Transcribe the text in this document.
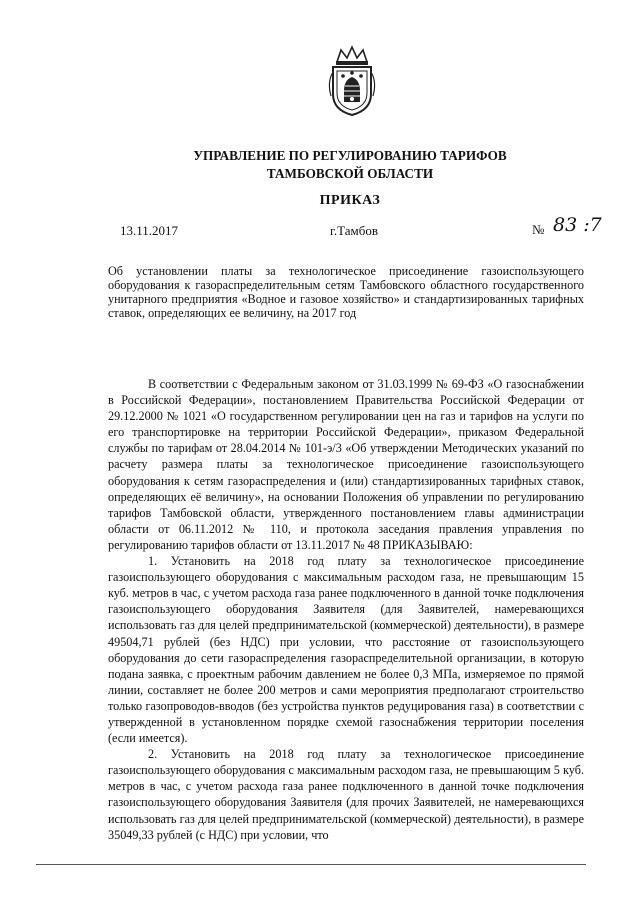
УПРАВЛЕНИЕ ПО РЕГУЛИРОВАНИЮ ТАРИФОВ
ТАМБОВСКОЙ ОБЛАСТИ
ПРИКАЗ
13.11.2017	г.Тамбов	№ 83 :7
Об установлении платы за технологическое присоединение газоиспользующего оборудования к газораспределительным сетям Тамбовского областного государственного унитарного предприятия «Водное и газовое хозяйство» и стандартизированных тарифных ставок, определяющих ее величину, на 2017 год

В соответствии с Федеральным законом от 31.03.1999 № 69-ФЗ «О газоснабжении в Российской Федерации», постановлением Правительства Российской Федерации от 29.12.2000 № 1021 «О государственном регулировании цен на газ и тарифов на услуги по его транспортировке на территории Российской Федерации», приказом Федеральной службы по тарифам от 28.04.2014 № 101-э/3 «Об утверждении Методических указаний по расчету размера платы за технологическое присоединение газоиспользующего оборудования к сетям газораспределения и (или) стандартизированных тарифных ставок, определяющих её величину», на основании Положения об управлении по регулированию тарифов Тамбовской области, утвержденного постановлением главы администрации области от 06.11.2012 № 110, и протокола заседания правления управления по регулированию тарифов области от 13.11.2017 № 48 ПРИКАЗЫВАЮ:

1. Установить на 2018 год плату за технологическое присоединение газоиспользующего оборудования с максимальным расходом газа, не превышающим 15 куб. метров в час, с учетом расхода газа ранее подключенного в данной точке подключения газоиспользующего оборудования Заявителя (для Заявителей, намеревающихся использовать газ для целей предпринимательской (коммерческой) деятельности), в размере 49504,71 рублей (без НДС) при условии, что расстояние от газоиспользующего оборудования до сети газораспределения газораспределительной организации, в которую подана заявка, с проектным рабочим давлением не более 0,3 МПа, измеряемое по прямой линии, составляет не более 200 метров и сами мероприятия предполагают строительство только газопроводов-вводов (без устройства пунктов редуцирования газа) в соответствии с утвержденной в установленном порядке схемой газоснабжения территории поселения (если имеется).

2. Установить на 2018 год плату за технологическое присоединение газоиспользующего оборудования с максимальным расходом газа, не превышающим 5 куб. метров в час, с учетом расхода газа ранее подключенного в данной точке подключения газоиспользующего оборудования Заявителя (для прочих Заявителей, не намеревающихся использовать газ для целей предпринимательской (коммерческой) деятельности), в размере 35049,33 рублей (с НДС) при условии, что
